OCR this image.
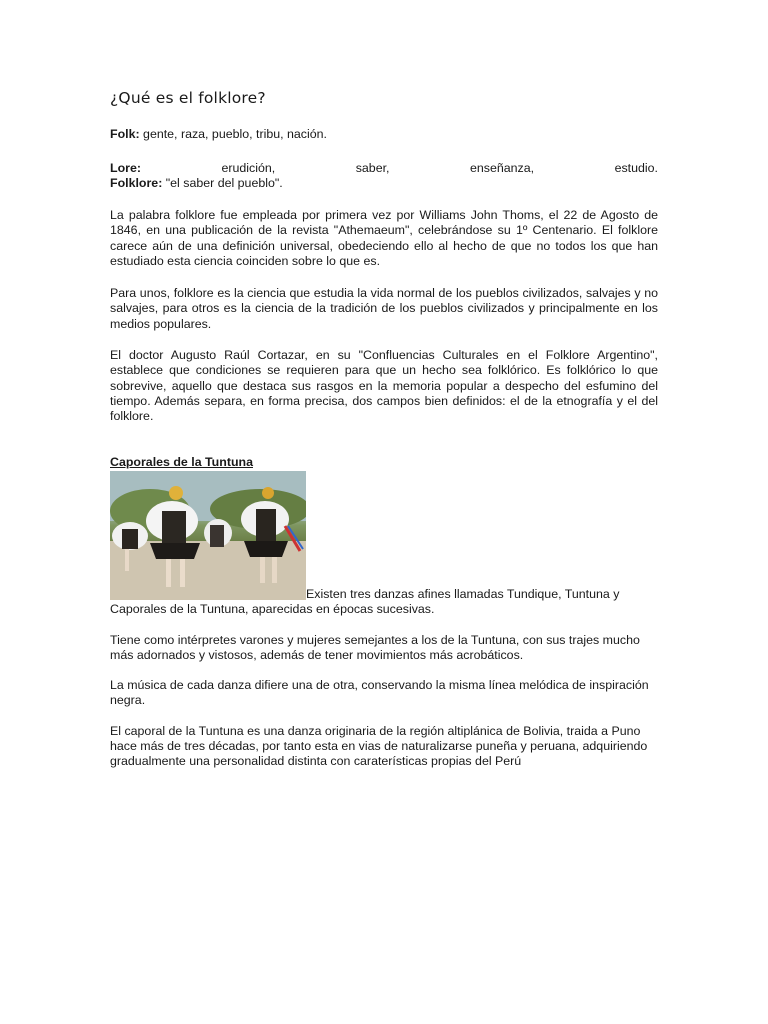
¿Qué es el folklore?

Folk: gente, raza, pueblo, tribu, nación.

Lore:	erudición,	saber,	enseñanza,	estudio.
Folklore: "el saber del pueblo".

La palabra folklore fue empleada por primera vez por Williams John Thoms, el 22 de Agosto de 1846, en una publicación de la revista "Athemaeum", celebrándose su 1º Centenario. El folklore carece aún de una definición universal, obedeciendo ello al hecho de que no todos los que han estudiado esta ciencia coinciden sobre lo que es.

Para unos, folklore es la ciencia que estudia la vida normal de los pueblos civilizados, salvajes y no salvajes, para otros es la ciencia de la tradición de los pueblos civilizados y principalmente en los medios populares.

El doctor Augusto Raúl Cortazar, en su "Confluencias Culturales en el Folklore Argentino", establece que condiciones se requieren para que un hecho sea folklórico. Es folklórico lo que sobrevive, aquello que destaca sus rasgos en la memoria popular a despecho del esfumino del tiempo. Además separa, en forma precisa, dos campos bien definidos: el de la etnografía y el del folklore.

Caporales de la Tuntuna
Existen tres danzas afines llamadas Tundique, Tuntuna y Caporales de la Tuntuna, aparecidas en épocas sucesivas.
Tiene como intérpretes varones y mujeres semejantes a los de la Tuntuna, con sus trajes mucho más adornados y vistosos, además de tener movimientos más acrobáticos.
La música de cada danza difiere una de otra, conservando la misma línea melódica de inspiración negra.
El caporal de la Tuntuna es una danza originaria de la región altiplánica de Bolivia, traida a Puno hace más de tres décadas, por tanto esta en vias de naturalizarse puneña y peruana, adquiriendo gradualmente una personalidad distinta con caraterísticas propias del Perú
